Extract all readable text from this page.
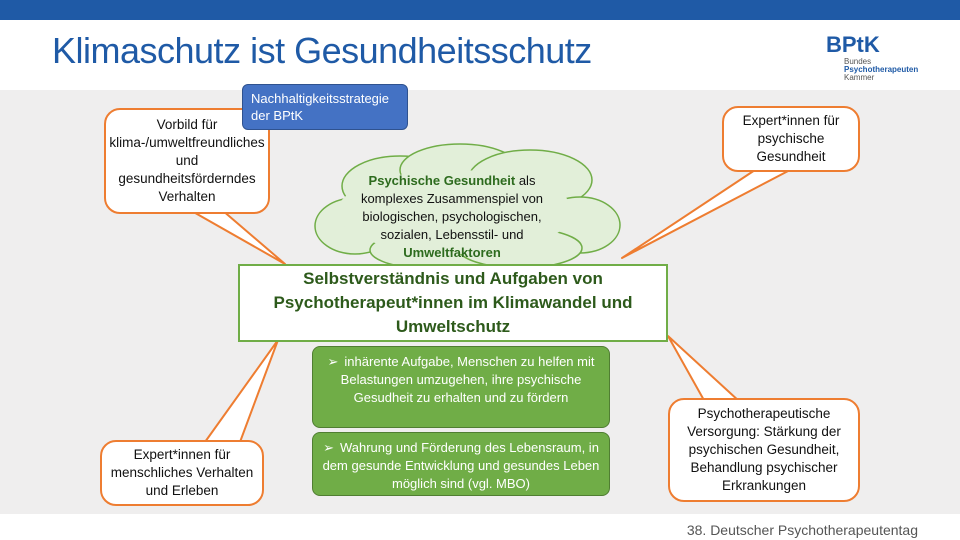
Klimaschutz ist Gesundheitsschutz	BPtK
Bundes
Psychotherapeuten
Kammer
Vorbild für klima-/umweltfreundliches und gesundheitsförderndes Verhalten
Expert*innen für psychische Gesundheit
Expert*innen für menschliches Verhalten und Erleben
Psychotherapeutische Versorgung: Stärkung der psychischen Gesundheit, Behandlung psychischer Erkrankungen
Nachhaltigkeitsstrategie der BPtK
Psychische Gesundheit als komplexes Zusammenspiel von biologischen, psychologischen, sozialen, Lebensstil- und Umweltfaktoren
Selbstverständnis und Aufgaben von Psychotherapeut*innen im Klimawandel und Umweltschutz
➢ inhärente Aufgabe, Menschen zu helfen mit Belastungen umzugehen, ihre psychische Gesudheit zu erhalten und zu fördern
➢ Wahrung und Förderung des Lebensraum, in dem gesunde Entwicklung und gesundes Leben möglich sind (vgl. MBO)
38. Deutscher Psychotherapeutentag
